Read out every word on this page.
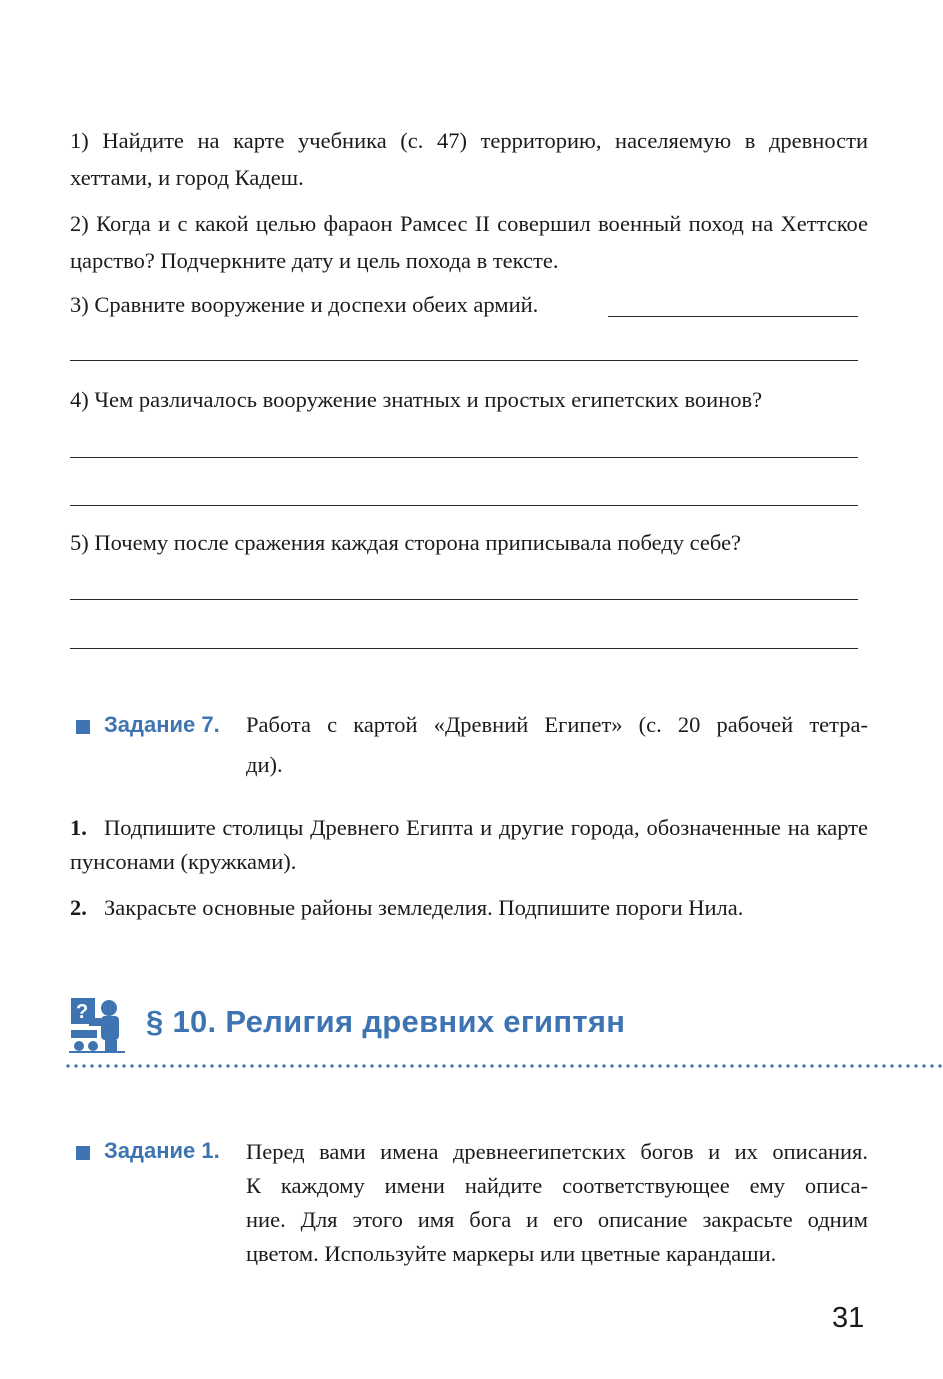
1) Найдите на карте учебника (с. 47) территорию, населяемую в древности хеттами, и город Кадеш.

2) Когда и с какой целью фараон Рамсес II совершил военный поход на Хеттское царство? Подчеркните дату и цель похода в тексте.

3) Сравните вооружение и доспехи обеих армий.

4) Чем различалось вооружение знатных и простых египетских воинов?

5) Почему после сражения каждая сторона приписывала победу себе?

Задание 7. Работа с картой «Древний Египет» (с. 20 рабочей тетра-

ди).

1. Подпишите столицы Древнего Египта и другие города, обозначенные на карте пунсонами (кружками).

2. Закрасьте основные районы земледелия. Подпишите пороги Нила.

? § 10. Религия древних египтян
Задание 1. Перед вами имена древнеегипетских богов и их описания.

К каждому имени найдите соответствующее ему описа-

ние. Для этого имя бога и его описание закрасьте одним

цветом. Используйте маркеры или цветные карандаши.

31
